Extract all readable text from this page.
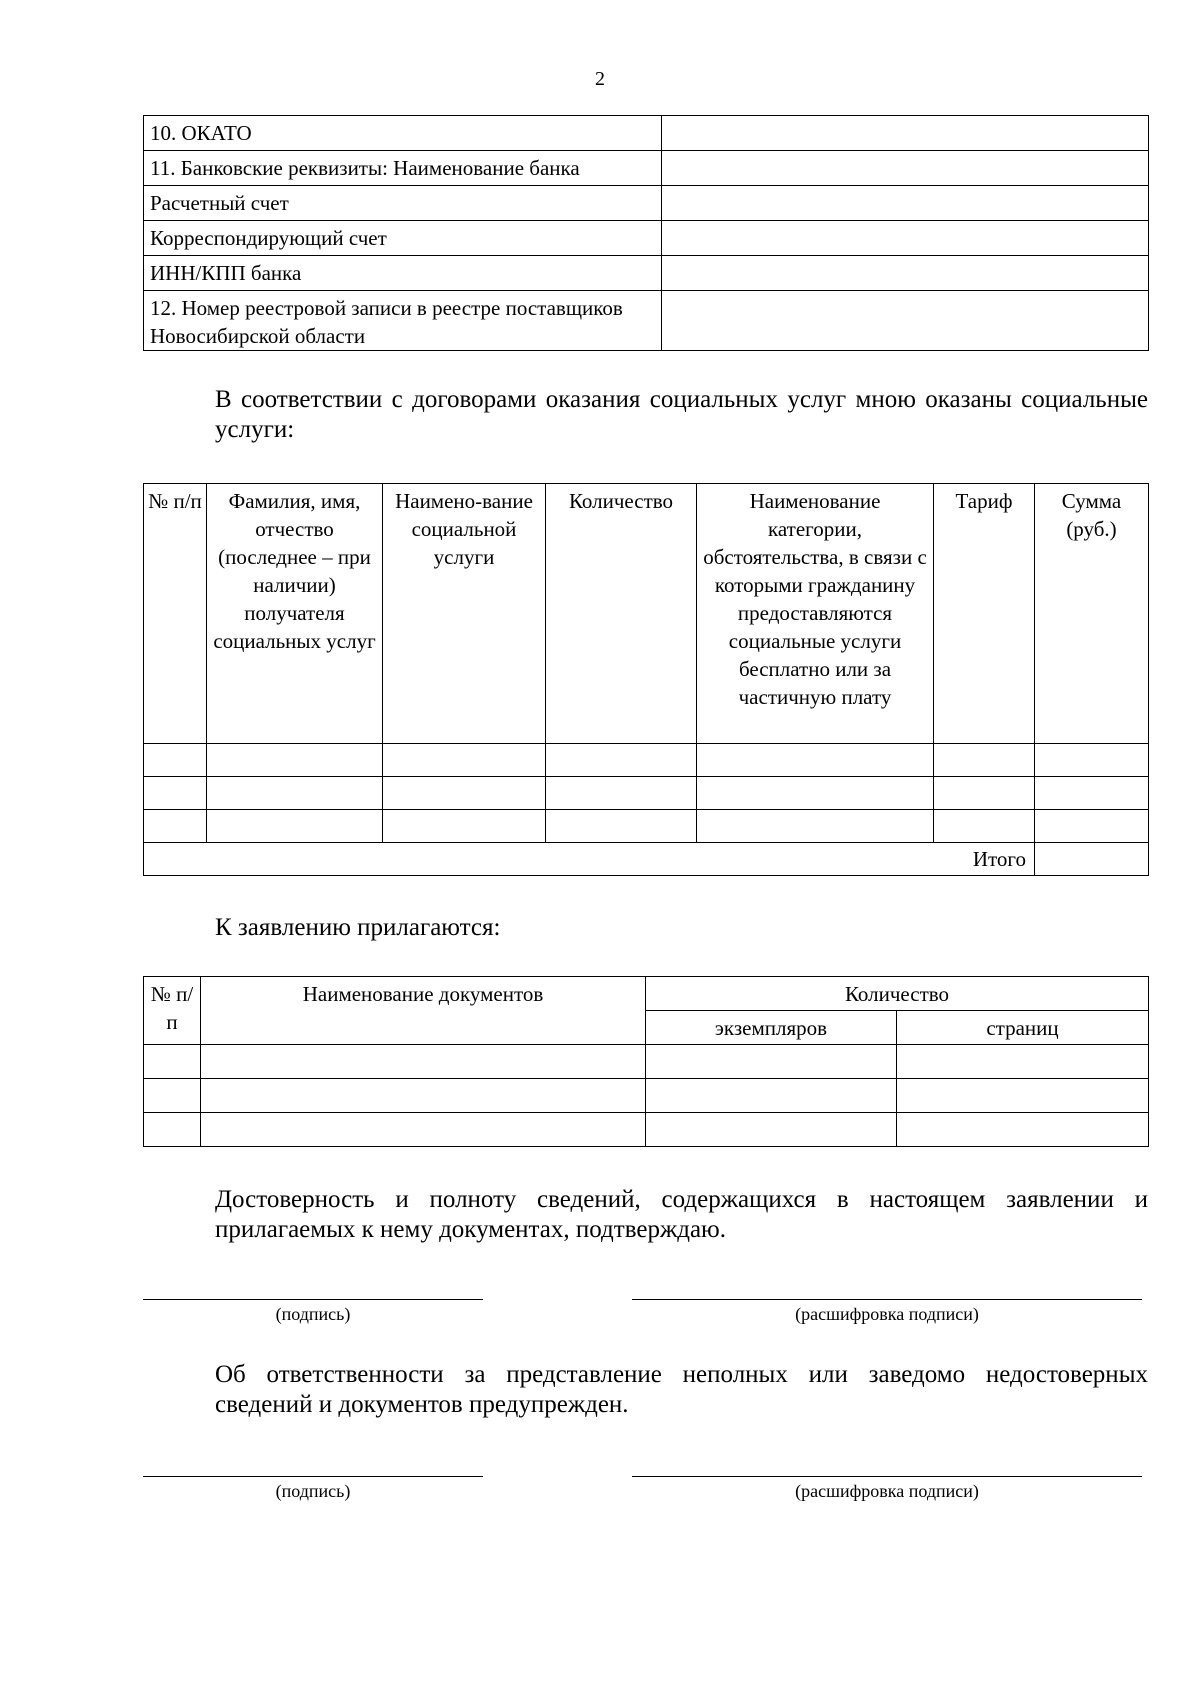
2
10. ОКАТО	
11. Банковские реквизиты: Наименование банка	
Расчетный счет	
Корреспондирующий счет	
ИНН/КПП банка	
12. Номер реестровой записи в реестре поставщиков Новосибирской области	
В соответствии с договорами оказания социальных услуг мною оказаны социальные услуги:
№ п/п	Фамилия, имя, отчество (последнее – при наличии) получателя социальных услуг	Наимено-вание социальной услуги	Количество	Наименование категории, обстоятельства, в связи с которыми гражданину предоставляются социальные услуги бесплатно или за частичную плату	Тариф	Сумма (руб.)

Итого						
К заявлению прилагаются:
№ п/п	Наименование документов	Количество	
		экземпляров	страниц

Достоверность и полноту сведений, содержащихся в настоящем заявлении и прилагаемых к нему документах, подтверждаю.
(подпись)	(расшифровка подписи)
Об ответственности за представление неполных или заведомо недостоверных сведений и документов предупрежден.
(подпись)	(расшифровка подписи)
